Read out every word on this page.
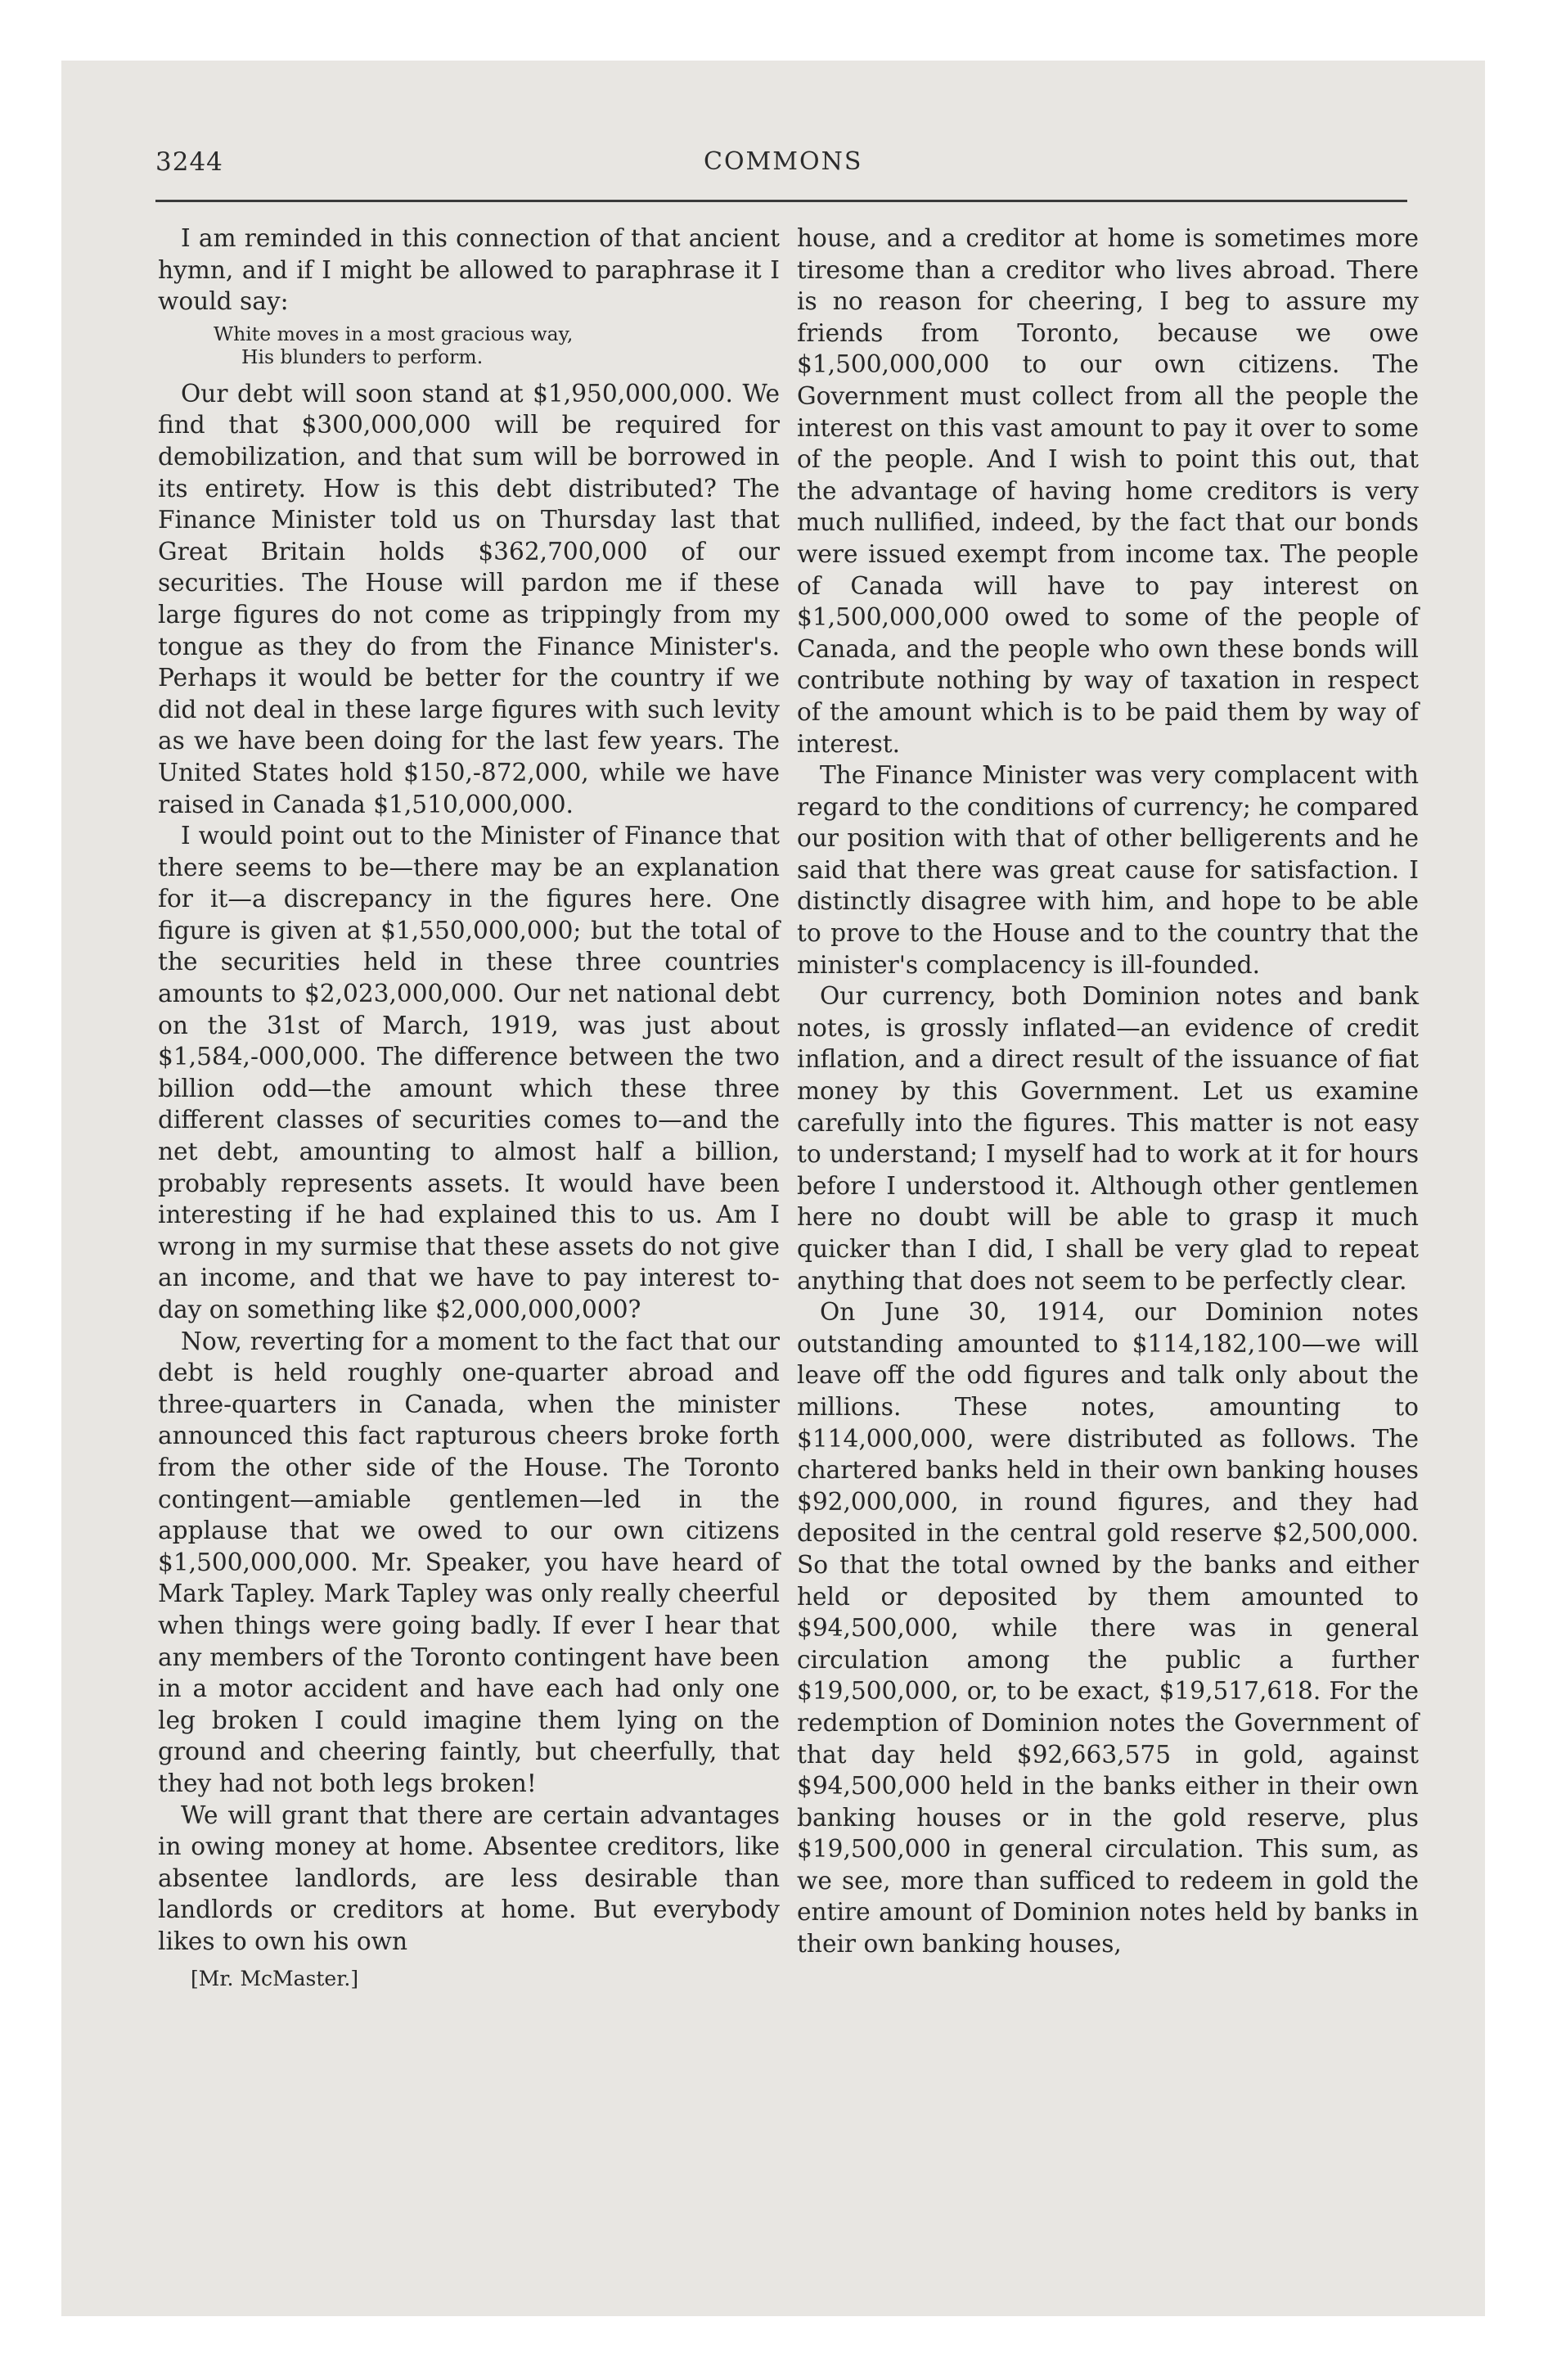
3244	COMMONS

I am reminded in this connection of that ancient hymn, and if I might be allowed to paraphrase it I would say:

White moves in a most gracious way,
His blunders to perform.

Our debt will soon stand at $1,950,000,000. We find that $300,000,000 will be required for demobilization, and that sum will be borrowed in its entirety. How is this debt distributed? The Finance Minister told us on Thursday last that Great Britain holds $362,700,000 of our securities. The House will pardon me if these large figures do not come as trippingly from my tongue as they do from the Finance Minister's. Perhaps it would be better for the country if we did not deal in these large figures with such levity as we have been doing for the last few years. The United States hold $150,-872,000, while we have raised in Canada $1,510,000,000.

I would point out to the Minister of Finance that there seems to be—there may be an explanation for it—a discrepancy in the figures here. One figure is given at $1,550,000,000; but the total of the securities held in these three countries amounts to $2,023,000,000. Our net national debt on the 31st of March, 1919, was just about $1,584,-000,000. The difference between the two billion odd—the amount which these three different classes of securities comes to—and the net debt, amounting to almost half a billion, probably represents assets. It would have been interesting if he had explained this to us. Am I wrong in my surmise that these assets do not give an income, and that we have to pay interest to-day on something like $2,000,000,000?

Now, reverting for a moment to the fact that our debt is held roughly one-quarter abroad and three-quarters in Canada, when the minister announced this fact rapturous cheers broke forth from the other side of the House. The Toronto contingent—amiable gentlemen—led in the applause that we owed to our own citizens $1,500,000,000. Mr. Speaker, you have heard of Mark Tapley. Mark Tapley was only really cheerful when things were going badly. If ever I hear that any members of the Toronto contingent have been in a motor accident and have each had only one leg broken I could imagine them lying on the ground and cheering faintly, but cheerfully, that they had not both legs broken!

We will grant that there are certain advantages in owing money at home. Absentee creditors, like absentee landlords, are less desirable than landlords or creditors at home. But everybody likes to own his own

[Mr. McMaster.]

house, and a creditor at home is sometimes more tiresome than a creditor who lives abroad. There is no reason for cheering, I beg to assure my friends from Toronto, because we owe $1,500,000,000 to our own citizens. The Government must collect from all the people the interest on this vast amount to pay it over to some of the people. And I wish to point this out, that the advantage of having home creditors is very much nullified, indeed, by the fact that our bonds were issued exempt from income tax. The people of Canada will have to pay interest on $1,500,000,000 owed to some of the people of Canada, and the people who own these bonds will contribute nothing by way of taxation in respect of the amount which is to be paid them by way of interest.

The Finance Minister was very complacent with regard to the conditions of currency; he compared our position with that of other belligerents and he said that there was great cause for satisfaction. I distinctly disagree with him, and hope to be able to prove to the House and to the country that the minister's complacency is ill-founded.

Our currency, both Dominion notes and bank notes, is grossly inflated—an evidence of credit inflation, and a direct result of the issuance of fiat money by this Government. Let us examine carefully into the figures. This matter is not easy to understand; I myself had to work at it for hours before I understood it. Although other gentlemen here no doubt will be able to grasp it much quicker than I did, I shall be very glad to repeat anything that does not seem to be perfectly clear.

On June 30, 1914, our Dominion notes outstanding amounted to $114,182,100—we will leave off the odd figures and talk only about the millions. These notes, amounting to $114,000,000, were distributed as follows. The chartered banks held in their own banking houses $92,000,000, in round figures, and they had deposited in the central gold reserve $2,500,000. So that the total owned by the banks and either held or deposited by them amounted to $94,500,000, while there was in general circulation among the public a further $19,500,000, or, to be exact, $19,517,618. For the redemption of Dominion notes the Government of that day held $92,663,575 in gold, against $94,500,000 held in the banks either in their own banking houses or in the gold reserve, plus $19,500,000 in general circulation. This sum, as we see, more than sufficed to redeem in gold the entire amount of Dominion notes held by banks in their own banking houses,
